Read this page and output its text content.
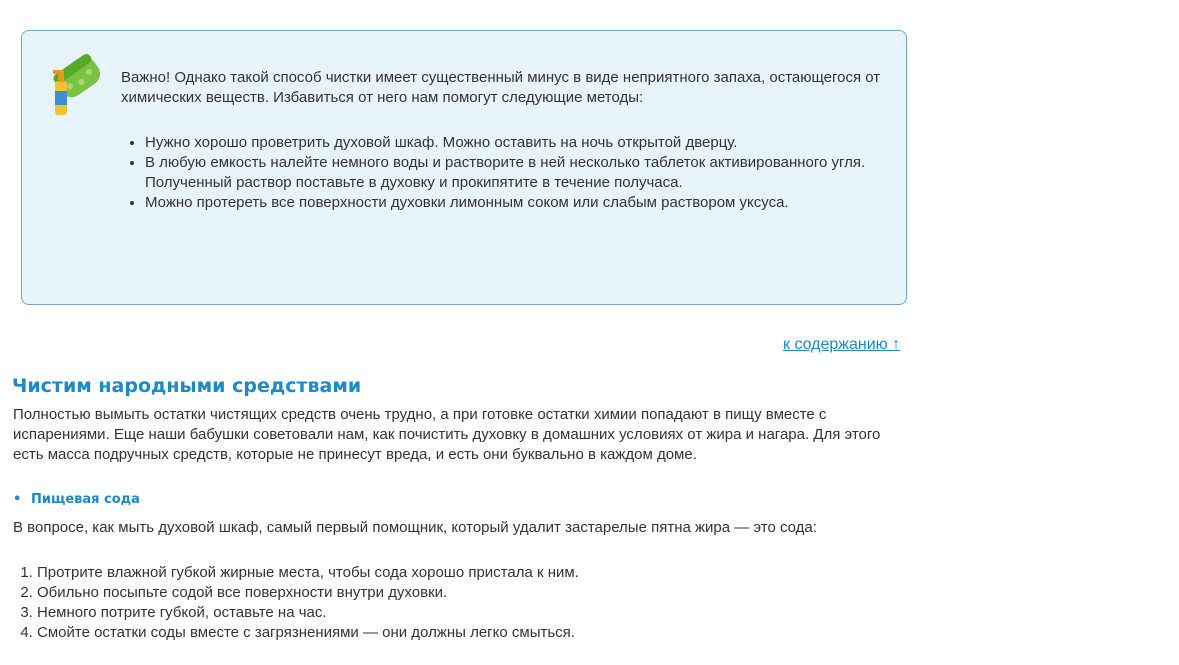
Важно! Однако такой способ чистки имеет существенный минус в виде неприятного запаха, остающегося от химических веществ. Избавиться от него нам помогут следующие методы:

• Нужно хорошо проветрить духовой шкаф. Можно оставить на ночь открытой дверцу.
• В любую емкость налейте немного воды и растворите в ней несколько таблеток активированного угля. Полученный раствор поставьте в духовку и прокипятите в течение получаса.
• Можно протереть все поверхности духовки лимонным соком или слабым раствором уксуса.
к содержанию ↑
Чистим народными средствами

Полностью вымыть остатки чистящих средств очень трудно, а при готовке остатки химии попадают в пищу вместе с испарениями. Еще наши бабушки советовали нам, как почистить духовку в домашних условиях от жира и нагара. Для этого есть масса подручных средств, которые не принесут вреда, и есть они буквально в каждом доме.

• Пищевая сода

В вопросе, как мыть духовой шкаф, самый первый помощник, который удалит застарелые пятна жира — это сода:

1. Протрите влажной губкой жирные места, чтобы сода хорошо пристала к ним.
2. Обильно посыпьте содой все поверхности внутри духовки.
3. Немного потрите губкой, оставьте на час.
4. Смойте остатки соды вместе с загрязнениями — они должны легко смыться.
